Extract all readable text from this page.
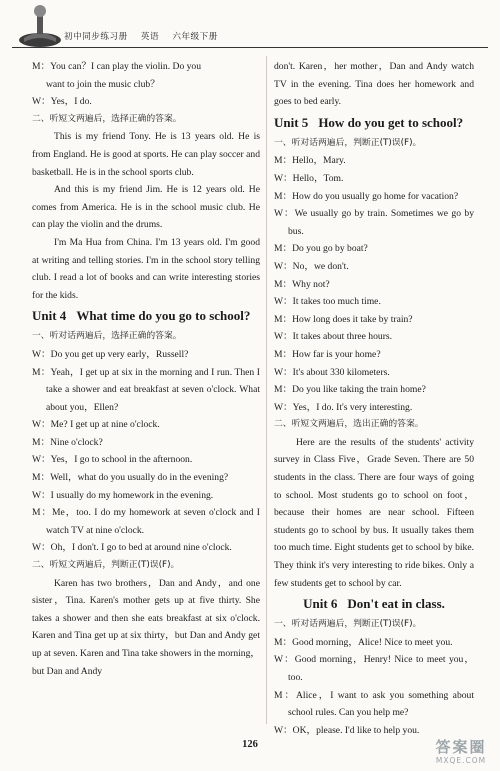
初中同步练习册 英语 六年级下册

M：You can？I can play the violin. Do you

want to join the music club？

W：Yes，I do.

二、听短文两遍后，选择正确的答案。

This is my friend Tony. He is 13 years old. He is from England. He is good at sports. He can play soccer and basketball. He is in the school sports club.

And this is my friend Jim. He is 12 years old. He comes from America. He is in the school music club. He can play the violin and the drums.

I'm Ma Hua from China. I'm 13 years old. I'm good at writing and telling stories. I'm in the school story telling club. I read a lot of books and can write interesting stories for the kids.

Unit 4 What time do you go to school?

一、听对话两遍后，选择正确的答案。

W：Do you get up very early，Russell?

M：Yeah，I get up at six in the morning and I run. Then I take a shower and eat breakfast at seven o'clock. What about you，Ellen?

W：Me? I get up at nine o'clock.

M：Nine o'clock?

W：Yes，I go to school in the afternoon.

M：Well，what do you usually do in the evening?

W：I usually do my homework in the evening.

M：Me，too. I do my homework at seven o'clock and I watch TV at nine o'clock.

W：Oh，I don't. I go to bed at around nine o'clock.

二、听短文两遍后，判断正(T)误(F)。

Karen has two brothers，Dan and Andy，and one sister，Tina. Karen's mother gets up at five thirty. She takes a shower and then she eats breakfast at six o'clock. Karen and Tina get up at six thirty，but Dan and Andy get up at seven. Karen and Tina take showers in the morning，but Dan and Andy

don't. Karen，her mother，Dan and Andy watch TV in the evening. Tina does her homework and goes to bed early.

Unit 5 How do you get to school?

一、听对话两遍后，判断正(T)误(F)。

M：Hello，Mary.

W：Hello，Tom.

M：How do you usually go home for vacation?

W：We usually go by train. Sometimes we go by bus.

M：Do you go by boat?

W：No，we don't.

M：Why not?

W：It takes too much time.

M：How long does it take by train?

W：It takes about three hours.

M：How far is your home?

W：It's about 330 kilometers.

M：Do you like taking the train home?

W：Yes，I do. It's very interesting.

二、听短文两遍后，选出正确的答案。

Here are the results of the students' activity survey in Class Five，Grade Seven. There are 50 students in the class. There are four ways of going to school. Most students go to school on foot，because their homes are near school. Fifteen students go to school by bus. It usually takes them too much time. Eight students get to school by bike. They think it's very interesting to ride bikes. Only a few students get to school by car.

Unit 6 Don't eat in class.

一、听对话两遍后，判断正(T)误(F)。

M：Good morning，Alice! Nice to meet you.

W：Good morning，Henry! Nice to meet you，too.

M：Alice，I want to ask you something about school rules. Can you help me?

W：OK，please. I'd like to help you.

126	答案圈
MXQE.COM
